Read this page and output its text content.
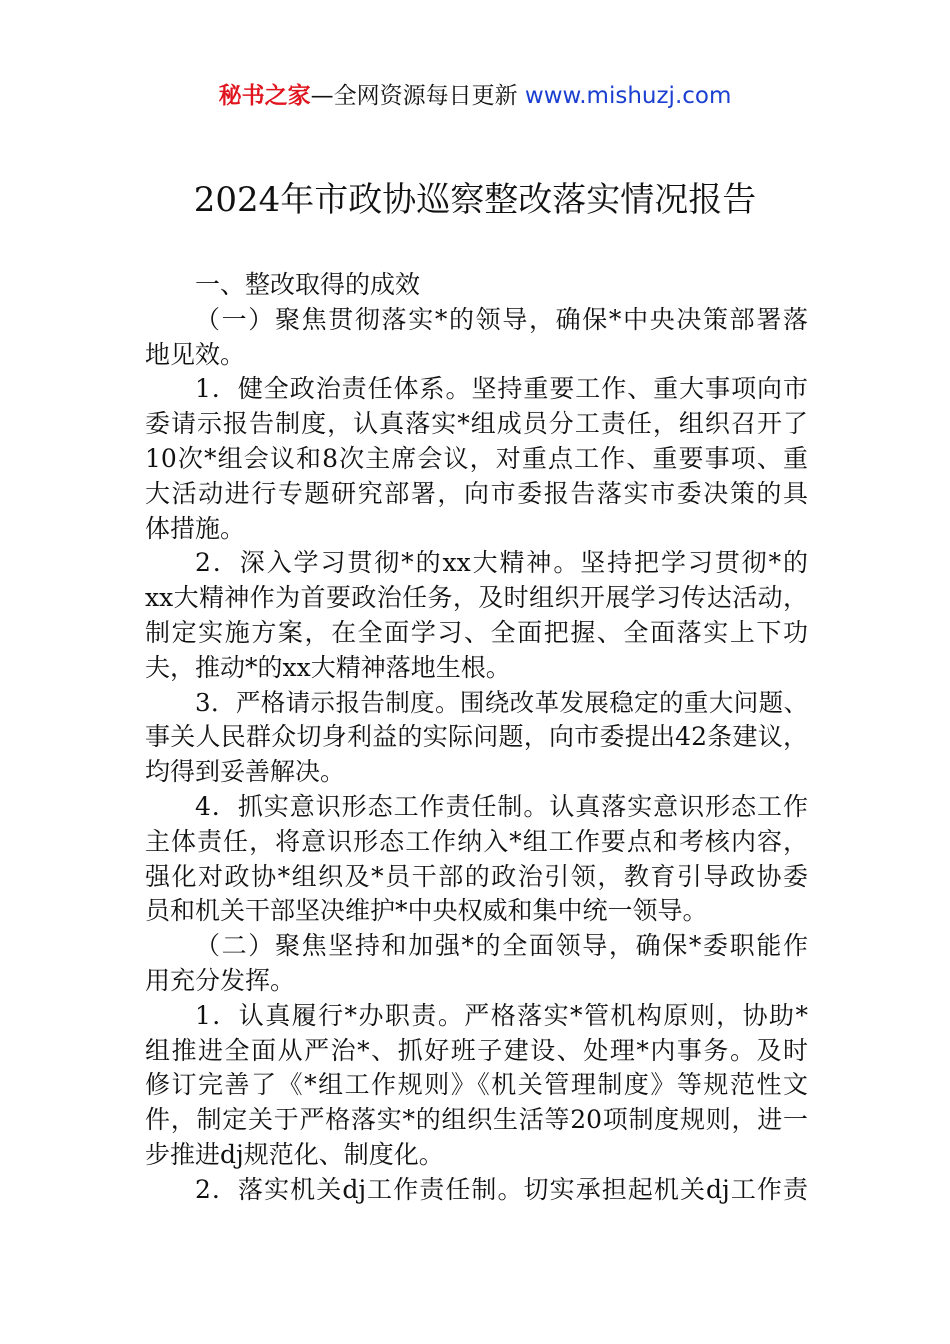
秘书之家—全网资源每日更新 www.mishuzj.com
2024年市政协巡察整改落实情况报告
一、整改取得的成效
（一）聚焦贯彻落实*的领导，确保*中央决策部署落
地见效。
1．健全政治责任体系。坚持重要工作、重大事项向市
委请示报告制度，认真落实*组成员分工责任，组织召开了
10次*组会议和8次主席会议，对重点工作、重要事项、重
大活动进行专题研究部署，向市委报告落实市委决策的具
体措施。
2．深入学习贯彻*的xx大精神。坚持把学习贯彻*的
xx大精神作为首要政治任务，及时组织开展学习传达活动，
制定实施方案，在全面学习、全面把握、全面落实上下功
夫，推动*的xx大精神落地生根。
3．严格请示报告制度。围绕改革发展稳定的重大问题、
事关人民群众切身利益的实际问题，向市委提出42条建议，
均得到妥善解决。
4．抓实意识形态工作责任制。认真落实意识形态工作
主体责任，将意识形态工作纳入*组工作要点和考核内容，
强化对政协*组织及*员干部的政治引领，教育引导政协委
员和机关干部坚决维护*中央权威和集中统一领导。
（二）聚焦坚持和加强*的全面领导，确保*委职能作
用充分发挥。
1．认真履行*办职责。严格落实*管机构原则，协助*
组推进全面从严治*、抓好班子建设、处理*内事务。及时
修订完善了《*组工作规则》《机关管理制度》等规范性文
件，制定关于严格落实*的组织生活等20项制度规则，进一
步推进dj规范化、制度化。
2．落实机关dj工作责任制。切实承担起机关dj工作责
